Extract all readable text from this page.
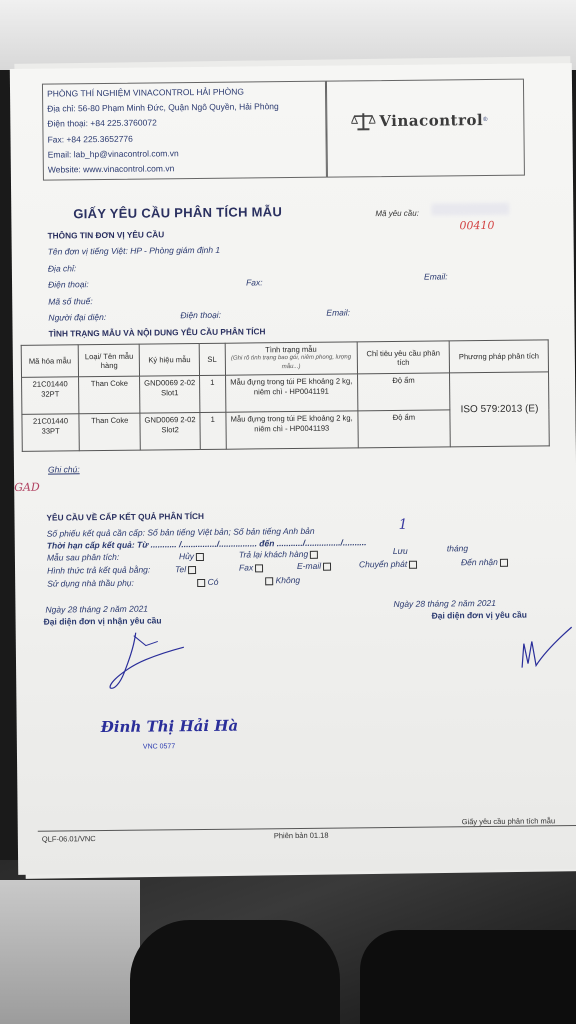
PHÒNG THÍ NGHIỆM VINACONTROL HẢI PHÒNG
Địa chỉ: 56-80 Phạm Minh Đức, Quận Ngô Quyền, Hải Phòng
Điện thoại: +84 225.3760072
Fax: +84 225.3652776
Email: lab_hp@vinacontrol.com.vn
Website: www.vinacontrol.com.vn
Vinacontrol ®
GIẤY YÊU CẦU PHÂN TÍCH MẪU	Mã yêu cầu:
00410
THÔNG TIN ĐƠN VỊ YÊU CẦU
Tên đơn vị tiếng Việt: HP - Phòng giám định 1
Địa chỉ:
Điện thoại:	Fax:
Email:
Mã số thuế:
Người đại diện:	Điện thoại:	Email:
TÌNH TRẠNG MẪU VÀ NỘI DUNG YÊU CẦU PHÂN TÍCH
Mã hóa mẫu	Loại/ Tên mẫu hàng	Ký hiệu mẫu	SL	Tình trạng mẫu
(Ghi rõ tình trạng bao gói, niêm phong, lượng mẫu...)	Chỉ tiêu yêu cầu phân tích	Phương pháp phân tích
21C01440 32PT	Than Coke	GND0069 2-02 Slot1	1	Mẫu đựng trong túi PE khoảng 2 kg, niêm chì - HP0041191	Độ ẩm	ISO 579:2013 (E)
21C01440 33PT	Than Coke	GND0069 2-02 Slot2	1	Mẫu đựng trong túi PE khoảng 2 kg, niêm chì - HP0041193	Độ ẩm	
Ghi chú:
GAD
YÊU CẦU VỀ CẤP KẾT QUẢ PHÂN TÍCH
Số phiếu kết quả cần cấp: Số bản tiếng Việt bản; Số bản tiếng Anh bản	1
Thời hạn cấp kết quả: Từ ........... /.............../................ đến .........../.............../..........
Mẫu sau phân tích:	Hủy	Trả lại khách hàng	Lưu	tháng
Hình thức trả kết quả bằng:	Tel	Fax	E-mail	Chuyển phát	Đến nhận
Sử dụng nhà thầu phụ:	Có	Không
Ngày 28 tháng 2 năm 2021
Đại diện đơn vị nhận yêu cầu
Ngày 28 tháng 2 năm 2021
Đại diện đơn vị yêu cầu
Đinh Thị Hải Hà
VNC 0577
QLF-06.01/VNC	Phiên bản 01.18
Giấy yêu cầu phân tích mẫu
